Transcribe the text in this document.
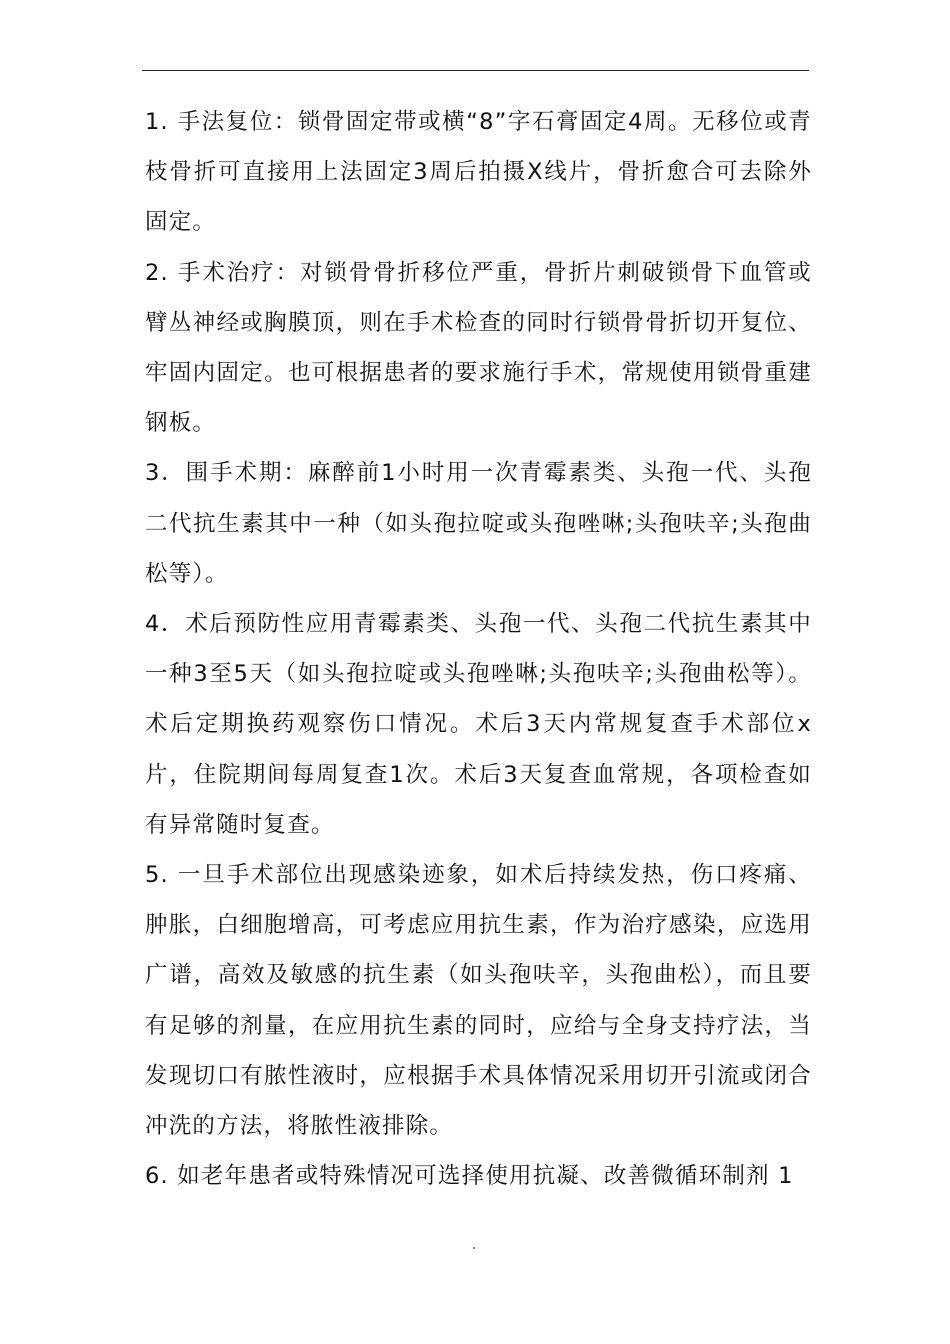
1. 手法复位：锁骨固定带或横“8”字石膏固定4周。无移位或青枝骨折可直接用上法固定3周后拍摄X线片，骨折愈合可去除外固定。

2. 手术治疗：对锁骨骨折移位严重，骨折片刺破锁骨下血管或臂丛神经或胸膜顶，则在手术检查的同时行锁骨骨折切开复位、牢固内固定。也可根据患者的要求施行手术，常规使用锁骨重建钢板。

3．围手术期：麻醉前1小时用一次青霉素类、头孢一代、头孢二代抗生素其中一种（如头孢拉啶或头孢唑啉;头孢呋辛;头孢曲松等）。

4．术后预防性应用青霉素类、头孢一代、头孢二代抗生素其中一种3至5天（如头孢拉啶或头孢唑啉;头孢呋辛;头孢曲松等）。术后定期换药观察伤口情况。术后3天内常规复查手术部位x片，住院期间每周复查1次。术后3天复查血常规，各项检查如有异常随时复查。

5. 一旦手术部位出现感染迹象，如术后持续发热，伤口疼痛、肿胀，白细胞增高，可考虑应用抗生素，作为治疗感染，应选用广谱，高效及敏感的抗生素（如头孢呋辛，头孢曲松），而且要有足够的剂量，在应用抗生素的同时，应给与全身支持疗法，当发现切口有脓性液时，应根据手术具体情况采用切开引流或闭合冲洗的方法，将脓性液排除。

6. 如老年患者或特殊情况可选择使用抗凝、改善微循环制剂 1
